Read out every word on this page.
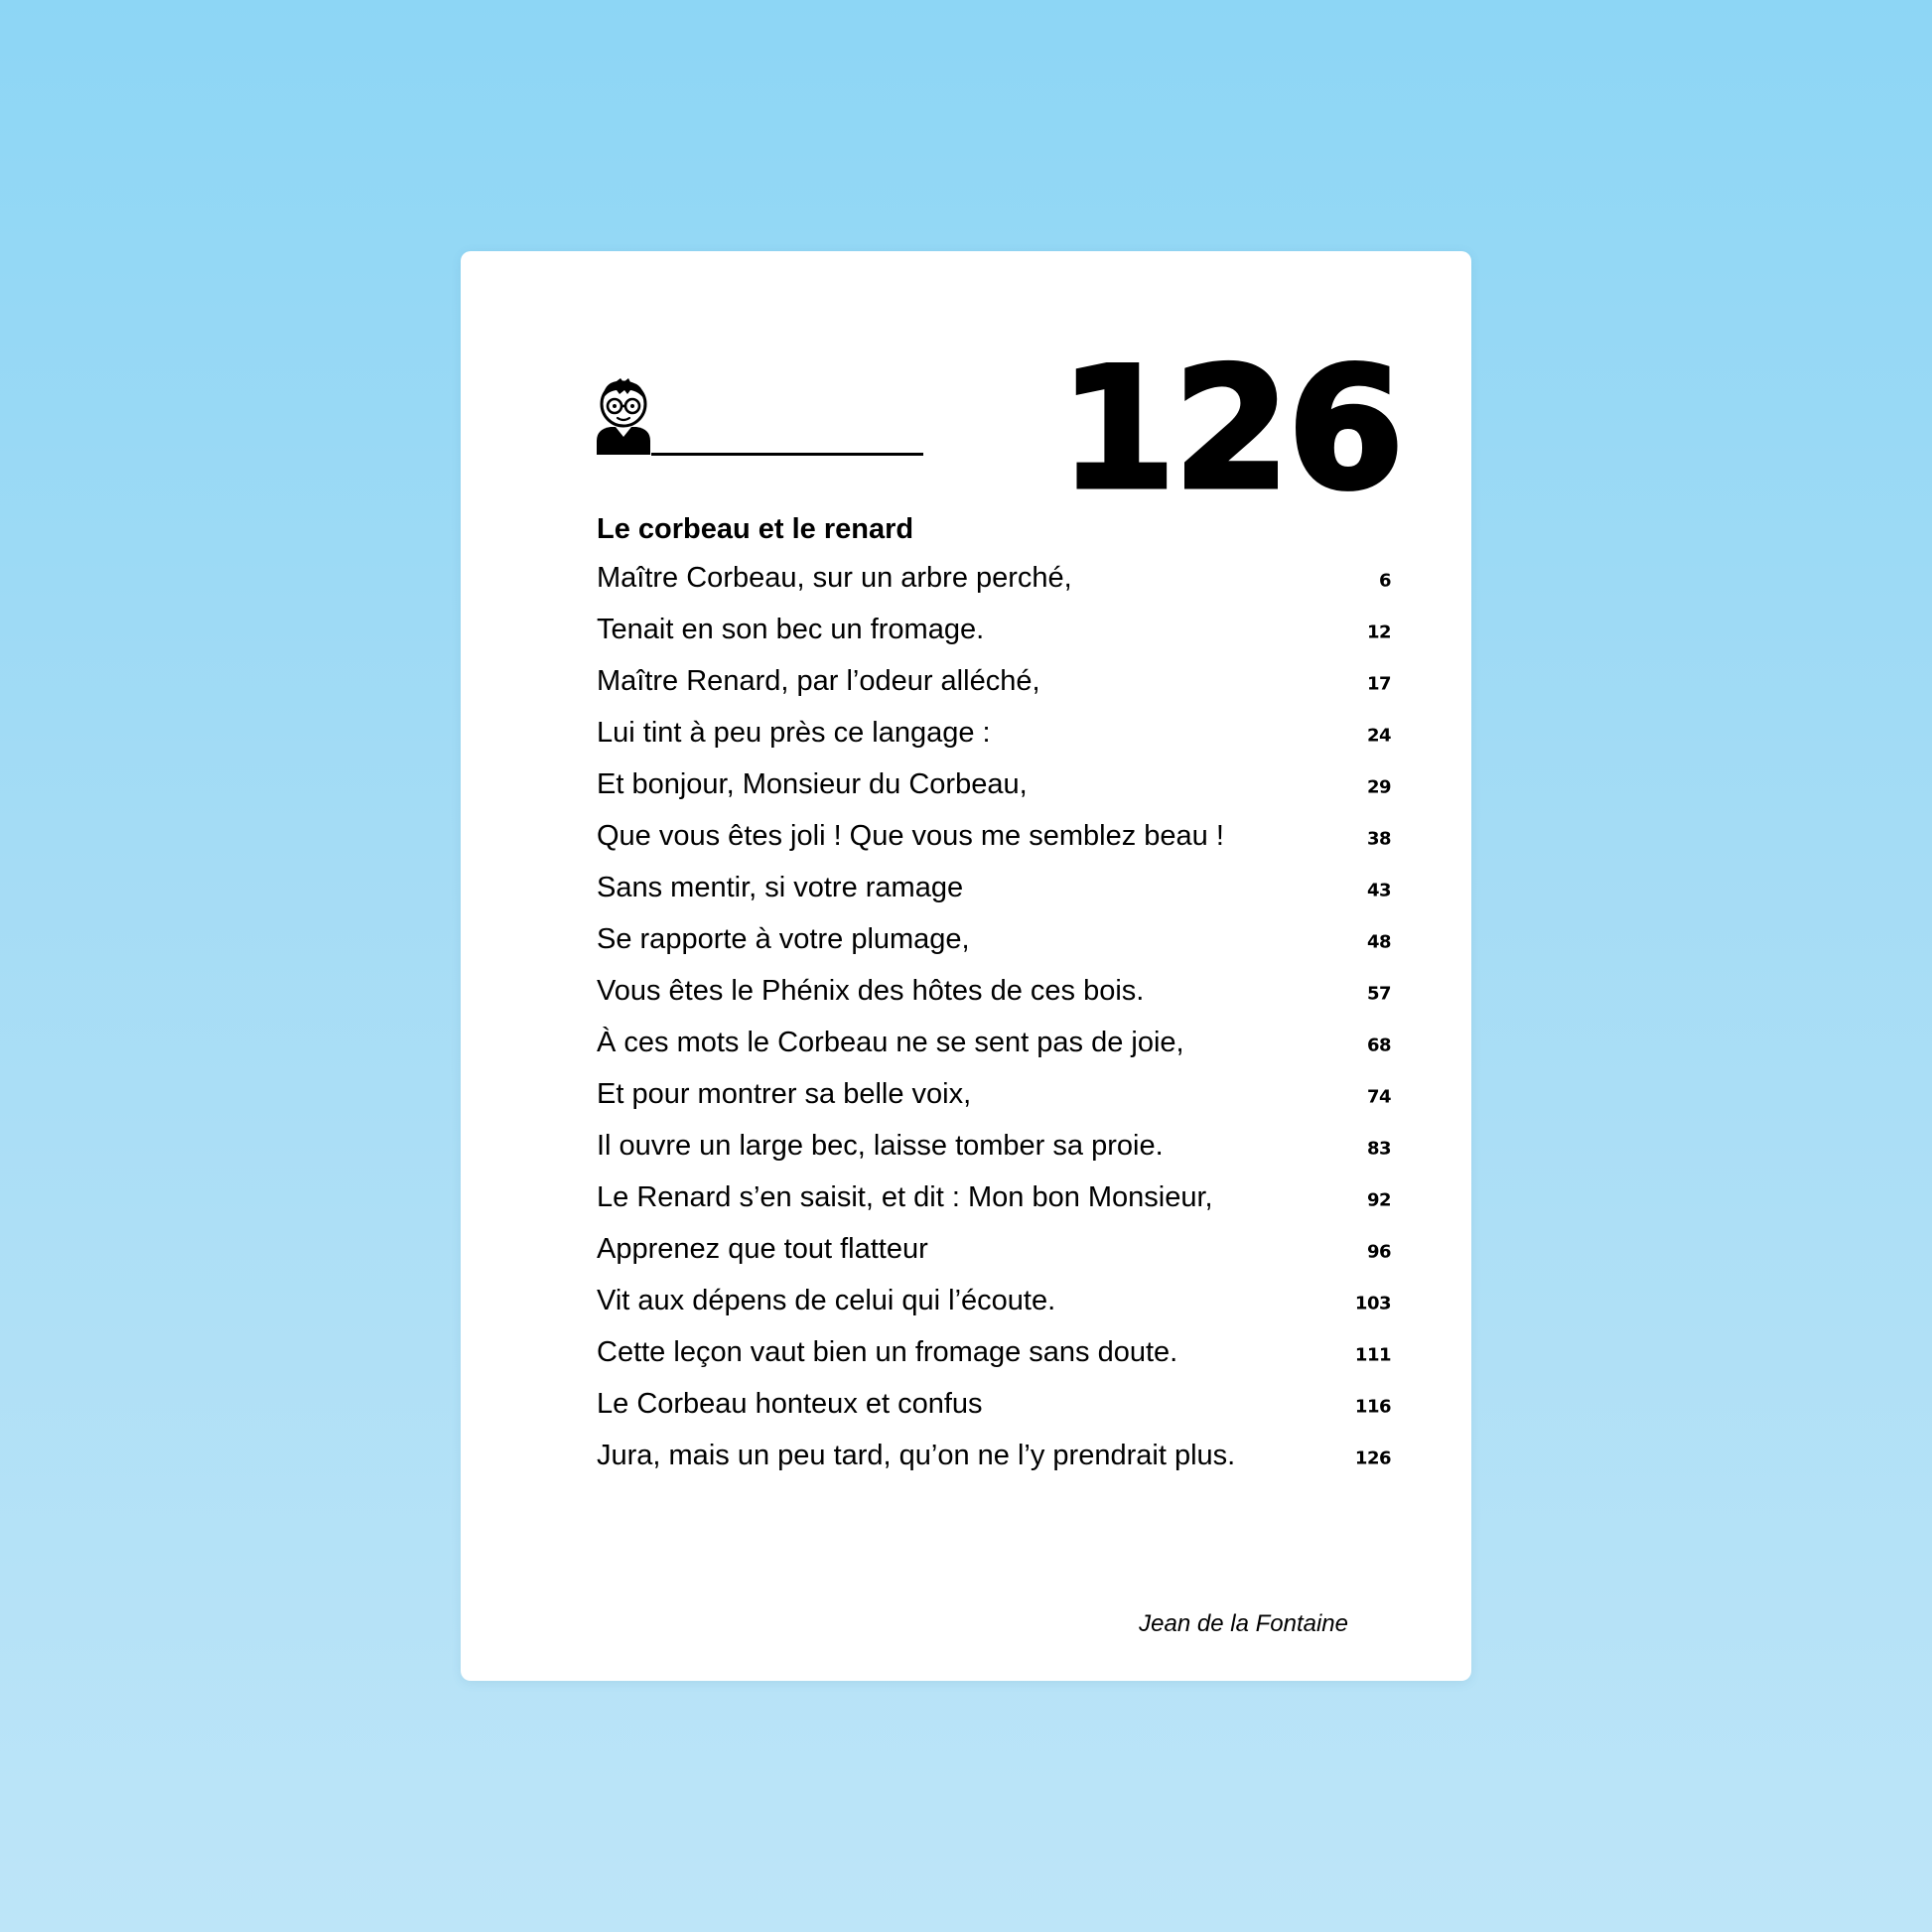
126
Le corbeau et le renard
Maître Corbeau, sur un arbre perché,	6
Tenait en son bec un fromage.	12
Maître Renard, par l’odeur alléché,	17
Lui tint à peu près ce langage :	24
Et bonjour, Monsieur du Corbeau,	29
Que vous êtes joli ! Que vous me semblez beau !	38
Sans mentir, si votre ramage	43
Se rapporte à votre plumage,	48
Vous êtes le Phénix des hôtes de ces bois.	57
À ces mots le Corbeau ne se sent pas de joie,	68
Et pour montrer sa belle voix,	74
Il ouvre un large bec, laisse tomber sa proie.	83
Le Renard s’en saisit, et dit : Mon bon Monsieur,	92
Apprenez que tout flatteur	96
Vit aux dépens de celui qui l’écoute.	103
Cette leçon vaut bien un fromage sans doute.	111
Le Corbeau honteux et confus	116
Jura, mais un peu tard, qu’on ne l’y prendrait plus.	126
Jean de la Fontaine
